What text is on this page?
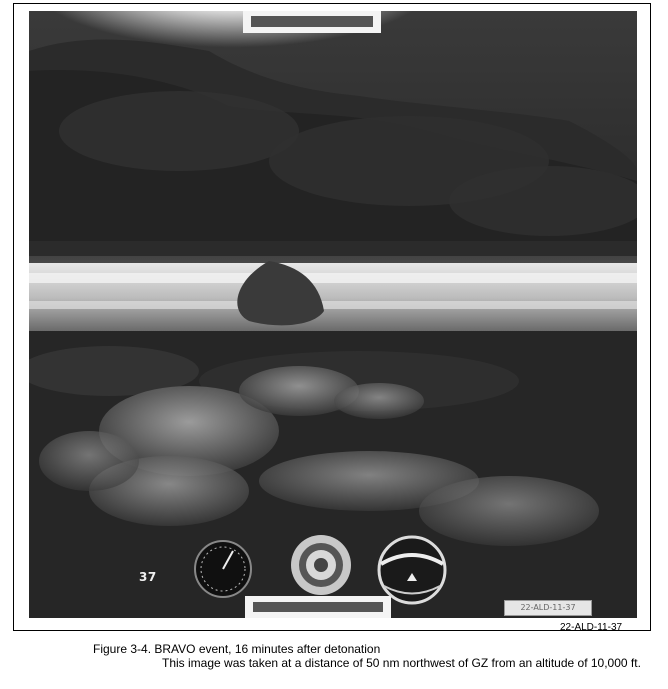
37
22-ALD-11-37
22-ALD-11-37
Figure 3-4. BRAVO event, 16 minutes after detonation
This image was taken at a distance of 50 nm northwest of GZ from an altitude of 10,000 ft.
